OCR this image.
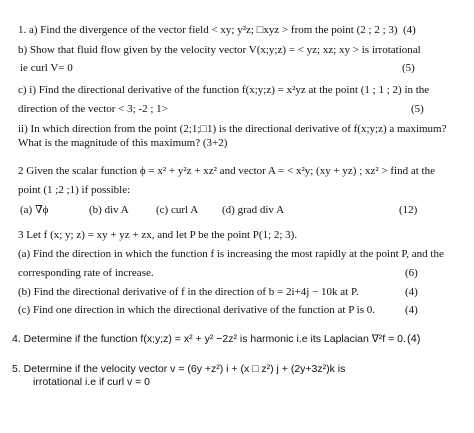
1. a) Find the divergence of the vector field < xy; y²z; □xyz > from the point (2 ; 2 ; 3) (4)
b) Show that fluid flow given by the velocity vector V(x;y;z) = < yz; xz; xy > is irrotational
ie curl V= 0	(5)
c) i) Find the directional derivative of the function f(x;y;z) = x²yz at the point (1 ; 1 ; 2) in the
direction of the vector < 3; -2 ; 1>	(5)
ii) In which direction from the point (2;1;□1) is the directional derivative of f(x;y;z) a maximum?
What is the magnitude of this maximum? (3+2)
2 Given the scalar function ϕ = x² + y²z + xz² and vector A = < x²y; (xy + yz) ; xz² > find at the
point (1 ;2 ;1) if possible:
(a) ∇ϕ	(b) div A (c) curl A (d) grad div A	(12)
3 Let f (x; y; z) = xy + yz + zx, and let P be the point P(1; 2; 3).
(a) Find the direction in which the function f is increasing the most rapidly at the point P, and the
corresponding rate of increase.	(6)
(b) Find the directional derivative of f in the direction of b = 2i+4j − 10k at P.	(4)
(c) Find one direction in which the directional derivative of the function at P is 0.	(4)
4. Determine if the function f(x;y;z) = x² + y² −2z² is harmonic i.e its Laplacian ∇²f = 0. (4)
5. Determine if the velocity vector v = (6y +z²) i + (x □ z²) j + (2y+3z²)k is
irrotational i.e if curl v = 0
